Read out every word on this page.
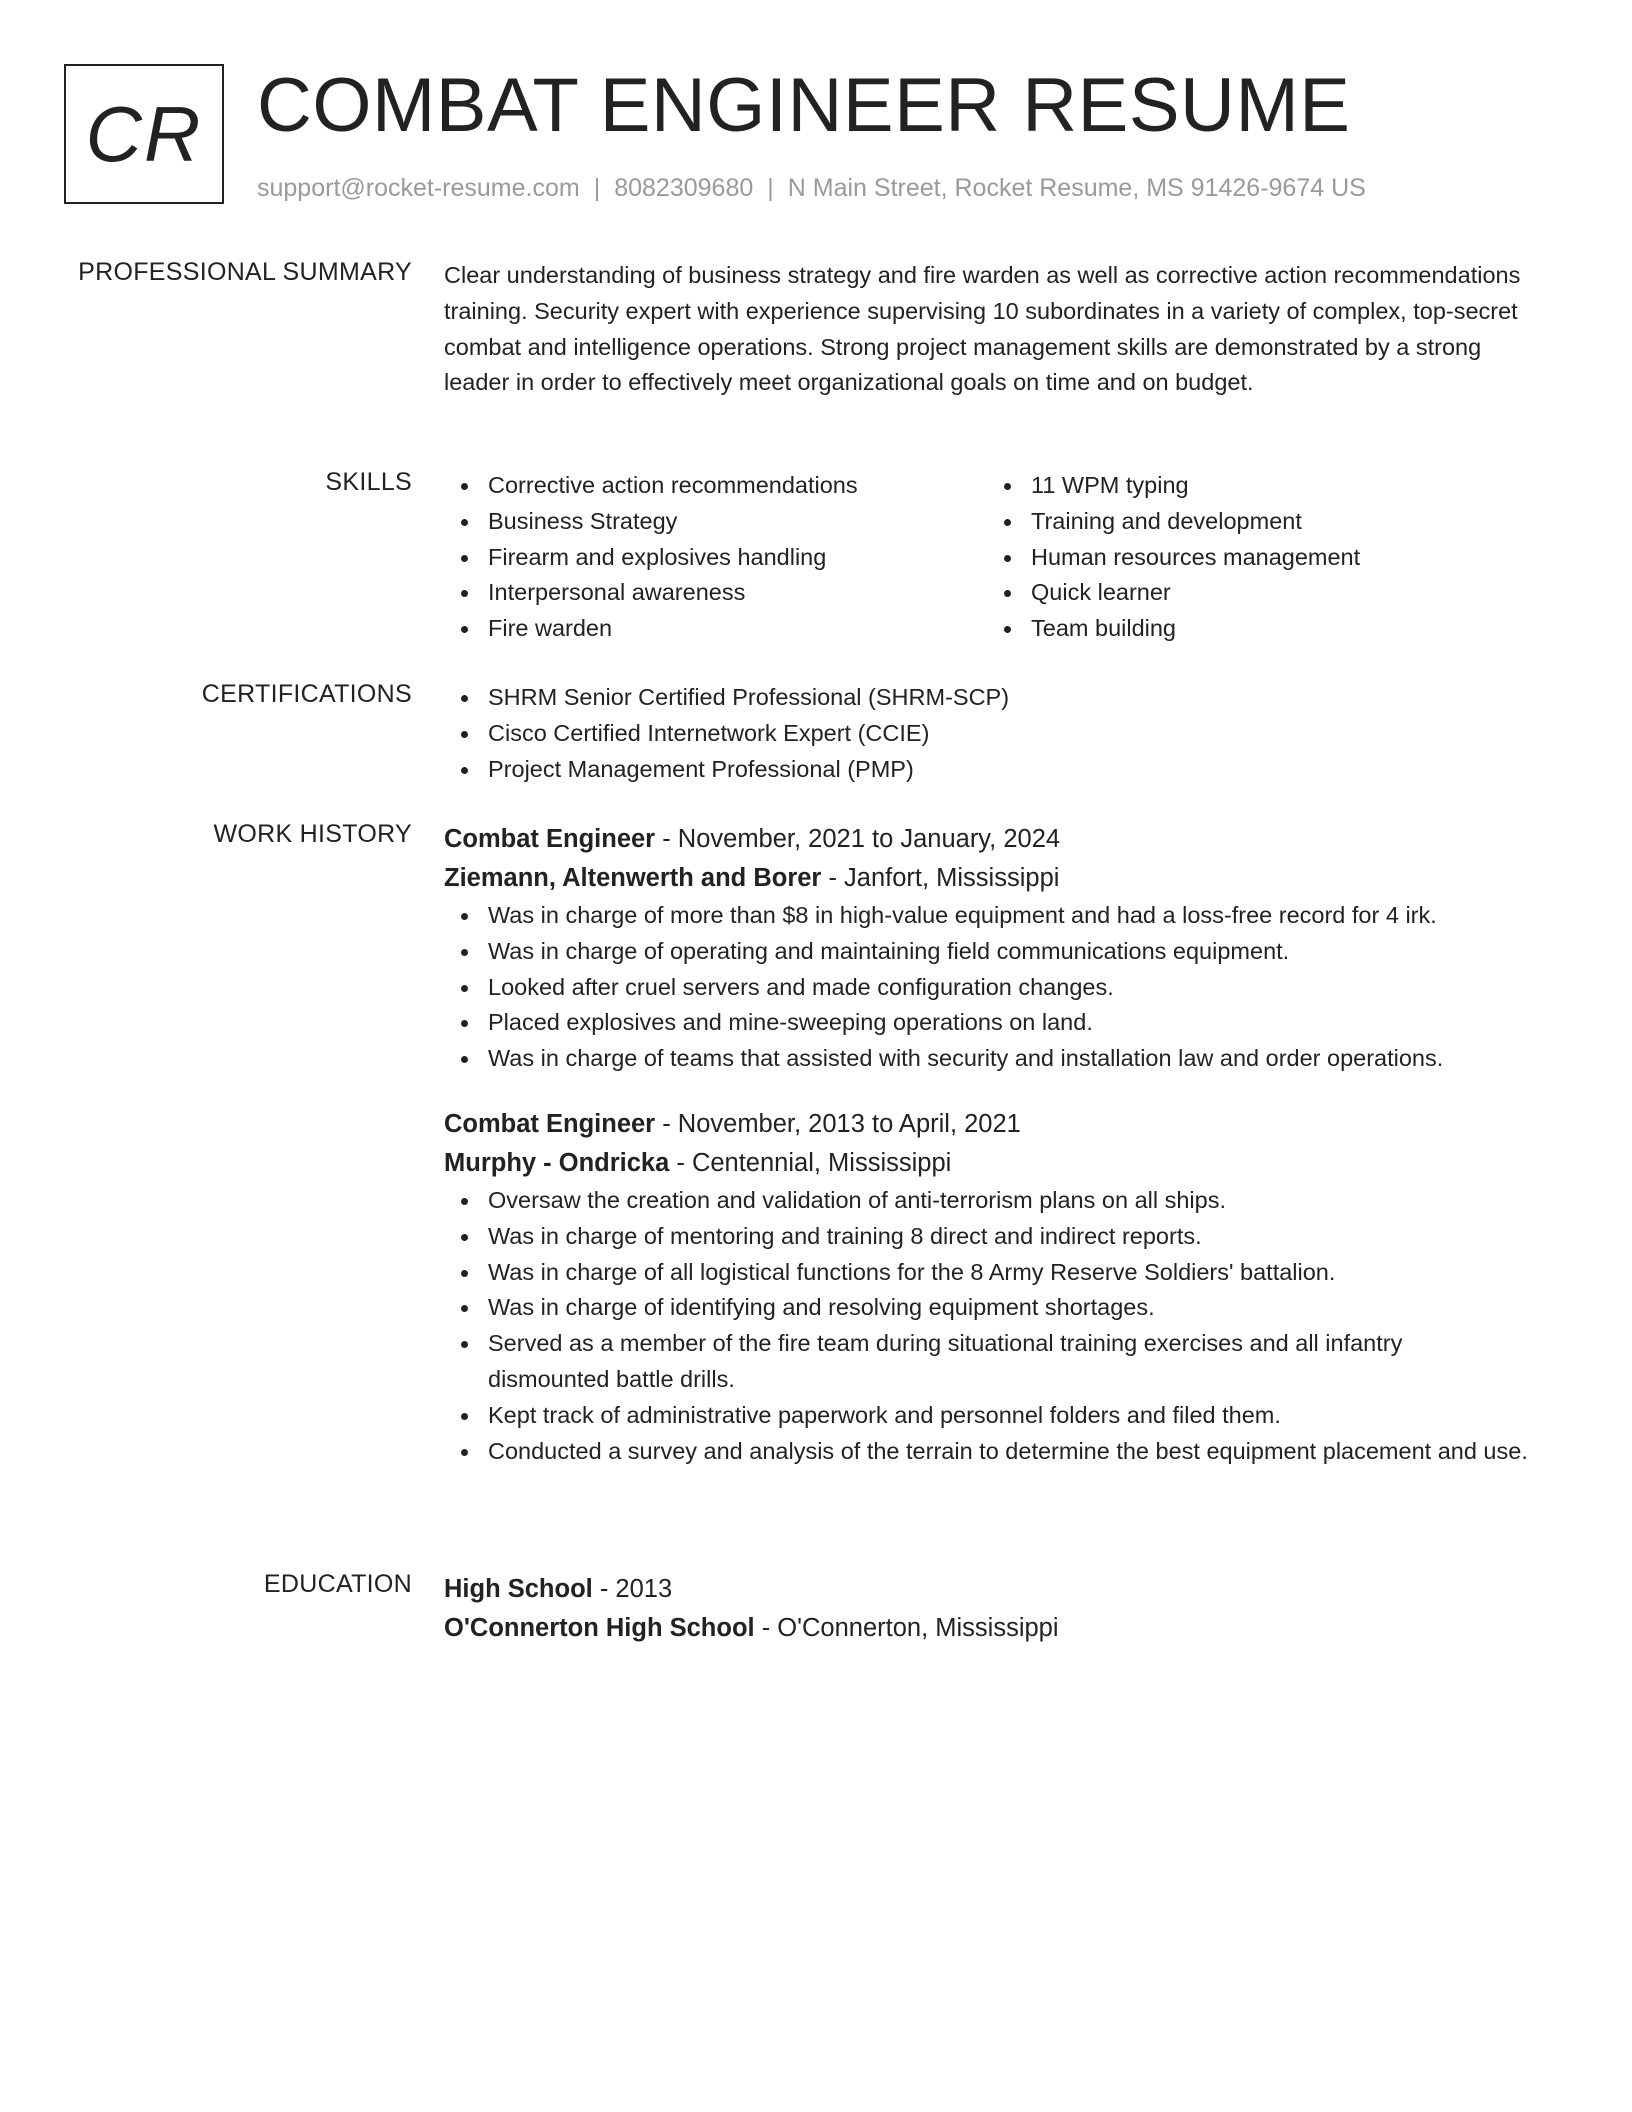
CR COMBAT ENGINEER RESUME
support@rocket-resume.com | 8082309680 | N Main Street, Rocket Resume, MS 91426-9674 US
PROFESSIONAL SUMMARY Clear understanding of business strategy and fire warden as well as corrective action recommendations training. Security expert with experience supervising 10 subordinates in a variety of complex, top-secret combat and intelligence operations. Strong project management skills are demonstrated by a strong leader in order to effectively meet organizational goals on time and on budget.

SKILLS	Corrective action recommendations
Business Strategy
Firearm and explosives handling
Interpersonal awareness
Fire warden
11 WPM typing
Training and development
Human resources management
Quick learner
Team building
CERTIFICATIONS	SHRM Senior Certified Professional (SHRM-SCP)
Cisco Certified Internetwork Expert (CCIE)
Project Management Professional (PMP)
WORK HISTORY Combat Engineer - November, 2021 to January, 2024
Ziemann, Altenwerth and Borer - Janfort, Mississippi
Was in charge of more than $8 in high-value equipment and had a loss-free record for 4 irk.
Was in charge of operating and maintaining field communications equipment.
Looked after cruel servers and made configuration changes.
Placed explosives and mine-sweeping operations on land.
Was in charge of teams that assisted with security and installation law and order operations.
Combat Engineer - November, 2013 to April, 2021
Murphy - Ondricka - Centennial, Mississippi
Oversaw the creation and validation of anti-terrorism plans on all ships.
Was in charge of mentoring and training 8 direct and indirect reports.
Was in charge of all logistical functions for the 8 Army Reserve Soldiers' battalion.
Was in charge of identifying and resolving equipment shortages.
Served as a member of the fire team during situational training exercises and all infantry dismounted battle drills.
Kept track of administrative paperwork and personnel folders and filed them.
Conducted a survey and analysis of the terrain to determine the best equipment placement and use.
EDUCATION High School - 2013
O'Connerton High School - O'Connerton, Mississippi
